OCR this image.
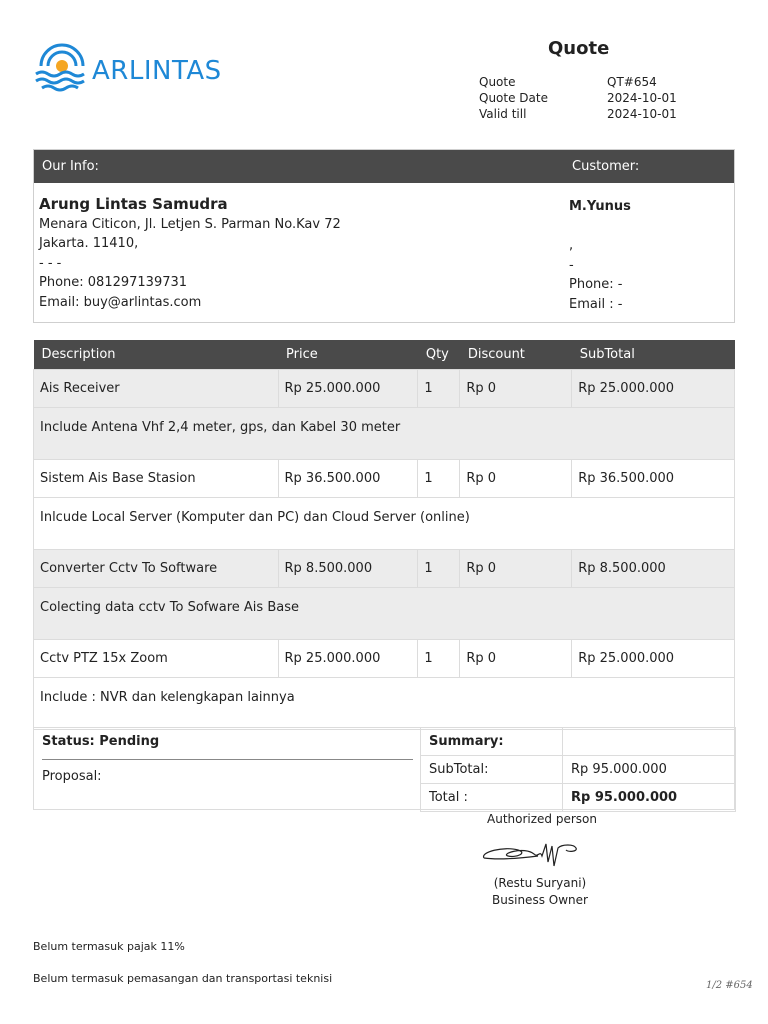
ARLINTAS
Quote
Quote	QT#654
Quote Date	2024-10-01
Valid till	2024-10-01
Our Info:	Customer:
Arung Lintas Samudra
Menara Citicon, Jl. Letjen S. Parman No.Kav 72
Jakarta. 11410,
- - -
Phone: 081297139731
Email: buy@arlintas.com
M.Yunus

,
-
Phone: -
Email : -
Description	Price	Qty	Discount	SubTotal
Ais Receiver	Rp 25.000.000	1	Rp 0	Rp 25.000.000
Include Antena Vhf 2,4 meter, gps, dan Kabel 30 meter				
Sistem Ais Base Stasion	Rp 36.500.000	1	Rp 0	Rp 36.500.000
Inlcude Local Server (Komputer dan PC) dan Cloud Server (online)				
Converter Cctv To Software	Rp 8.500.000	1	Rp 0	Rp 8.500.000
Colecting data cctv To Sofware Ais Base				
Cctv PTZ 15x Zoom	Rp 25.000.000	1	Rp 0	Rp 25.000.000
Include : NVR dan kelengkapan lainnya				
Status: Pending
Proposal:
Summary:	
SubTotal:	Rp 95.000.000
Total :	Rp 95.000.000
Authorized person
(Restu Suryani)
Business Owner
Belum termasuk pajak 11%
Belum termasuk pemasangan dan transportasi teknisi
1/2 #654
